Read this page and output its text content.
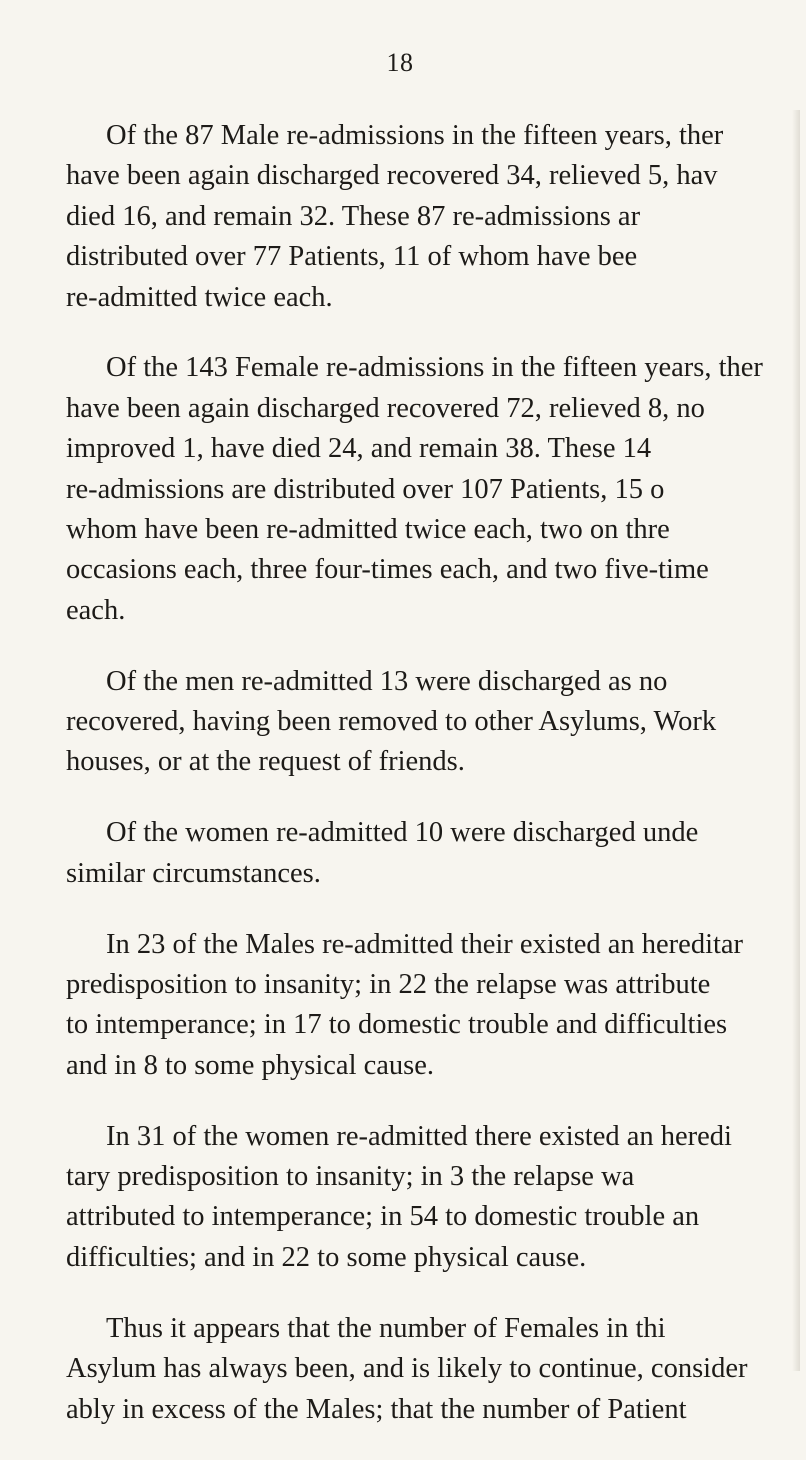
18

Of the 87 Male re-admissions in the fifteen years, ther
have been again discharged recovered 34, relieved 5, hav
died 16, and remain 32. These 87 re-admissions ar
distributed over 77 Patients, 11 of whom have bee
re-admitted twice each.

Of the 143 Female re-admissions in the fifteen years, ther
have been again discharged recovered 72, relieved 8, no
improved 1, have died 24, and remain 38. These 14
re-admissions are distributed over 107 Patients, 15 o
whom have been re-admitted twice each, two on thre
occasions each, three four-times each, and two five-time
each.

Of the men re-admitted 13 were discharged as no
recovered, having been removed to other Asylums, Work
houses, or at the request of friends.

Of the women re-admitted 10 were discharged unde
similar circumstances.

In 23 of the Males re-admitted their existed an hereditar
predisposition to insanity; in 22 the relapse was attribute
to intemperance; in 17 to domestic trouble and difficulties
and in 8 to some physical cause.

In 31 of the women re-admitted there existed an heredi
tary predisposition to insanity; in 3 the relapse wa
attributed to intemperance; in 54 to domestic trouble an
difficulties; and in 22 to some physical cause.

Thus it appears that the number of Females in thi
Asylum has always been, and is likely to continue, consider
ably in excess of the Males; that the number of Patient
